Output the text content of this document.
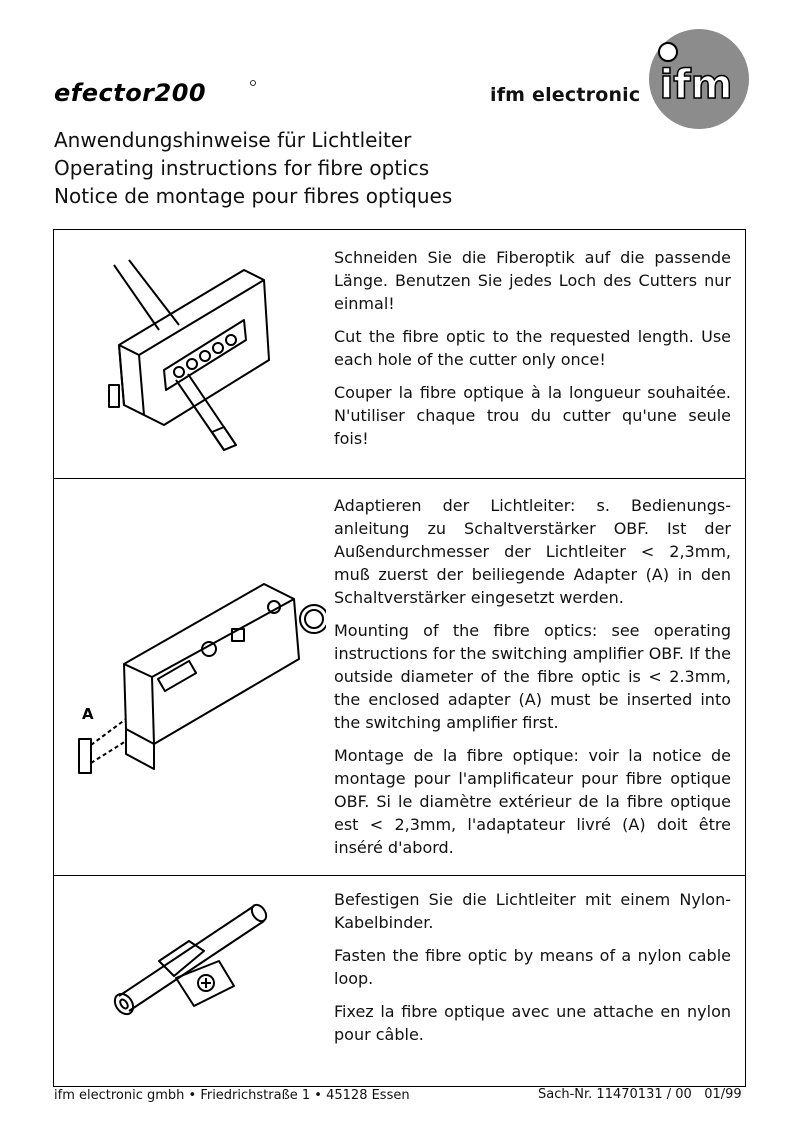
efector200	ifm electronic ifm
Anwendungshinweise für Lichtleiter
Operating instructions for fibre optics
Notice de montage pour fibres optiques

Schneiden Sie die Fiberoptik auf die passende Länge. Benutzen Sie jedes Loch des Cutters nur einmal!

Cut the fibre optic to the requested length. Use each hole of the cutter only once!

Couper la fibre optique à la longueur souhaitée. N'utiliser chaque trou du cutter qu'une seule fois!

A

Adaptieren der Lichtleiter: s. Bedienungs-anleitung zu Schaltverstärker OBF. Ist der Außendurchmesser der Lichtleiter < 2,3mm, muß zuerst der beiliegende Adapter (A) in den Schaltverstärker eingesetzt werden.

Mounting of the fibre optics: see operating instructions for the switching amplifier OBF. If the outside diameter of the fibre optic is < 2.3mm, the enclosed adapter (A) must be inserted into the switching amplifier first.

Montage de la fibre optique: voir la notice de montage pour l'amplificateur pour fibre optique OBF. Si le diamètre extérieur de la fibre optique est < 2,3mm, l'adaptateur livré (A) doit être inséré d'abord.

Befestigen Sie die Lichtleiter mit einem Nylon-Kabelbinder.

Fasten the fibre optic by means of a nylon cable loop.

Fixez la fibre optique avec une attache en nylon pour câble.

ifm electronic gmbh • Friedrichstraße 1 • 45128 Essen	Sach-Nr. 11470131 / 00   01/99
